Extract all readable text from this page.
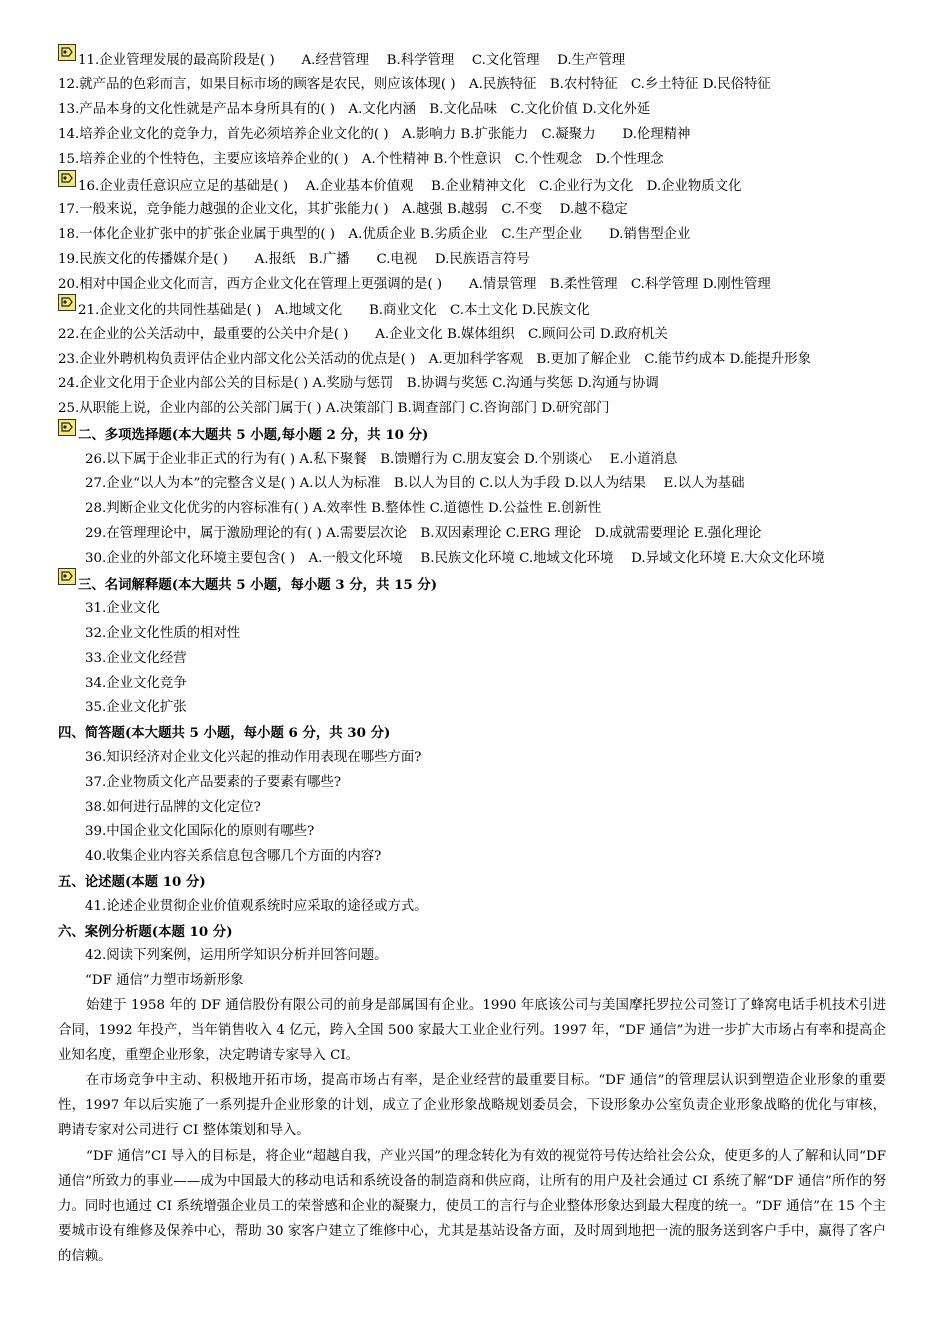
11.企业管理发展的最高阶段是( )　　A.经营管理　 B.科学管理　 C.文化管理　 D.生产管理
12.就产品的色彩而言，如果目标市场的顾客是农民，则应该体现( )　A.民族特征　B.农村特征　C.乡土特征 D.民俗特征
13.产品本身的文化性就是产品本身所具有的( )　A.文化内涵　B.文化品味　C.文化价值 D.文化外延
14.培养企业文化的竞争力，首先必须培养企业文化的( )　A.影响力 B.扩张能力　C.凝聚力　　D.伦理精神
15.培养企业的个性特色，主要应该培养企业的( )　A.个性精神 B.个性意识　C.个性观念　D.个性理念
16.企业责任意识应立足的基础是( )　 A.企业基本价值观　 B.企业精神文化　C.企业行为文化　D.企业物质文化
17.一般来说，竞争能力越强的企业文化，其扩张能力( )　A.越强 B.越弱　C.不变　 D.越不稳定
18.一体化企业扩张中的扩张企业属于典型的( )　A.优质企业 B.劣质企业　C.生产型企业　　D.销售型企业
19.民族文化的传播媒介是( )　　A.报纸　B.广播　　C.电视　 D.民族语言符号
20.相对中国企业文化而言，西方企业文化在管理上更强调的是( )　　A.情景管理　B.柔性管理　C.科学管理 D.刚性管理
21.企业文化的共同性基础是( )　A.地域文化　　B.商业文化　C.本土文化 D.民族文化
22.在企业的公关活动中，最重要的公关中介是( )　　A.企业文化 B.媒体组织　C.顾问公司 D.政府机关
23.企业外聘机构负责评估企业内部文化公关活动的优点是( )　A.更加科学客观　B.更加了解企业　C.能节约成本 D.能提升形象
24.企业文化用于企业内部公关的目标是( ) A.奖励与惩罚　B.协调与奖惩 C.沟通与奖惩 D.沟通与协调
25.从职能上说，企业内部的公关部门属于( ) A.决策部门 B.调查部门 C.咨询部门 D.研究部门
二、多项选择题(本大题共 5 小题,每小题 2 分，共 10 分)
26.以下属于企业非正式的行为有( ) A.私下聚餐　B.馈赠行为 C.朋友宴会 D.个别谈心　 E.小道消息
27.企业“以人为本”的完整含义是( ) A.以人为标准　B.以人为目的 C.以人为手段 D.以人为结果　 E.以人为基础
28.判断企业文化优劣的内容标准有( ) A.效率性 B.整体性 C.道德性 D.公益性 E.创新性
29.在管理理论中，属于激励理论的有( ) A.需要层次论　B.双因素理论 C.ERG 理论　D.成就需要理论 E.强化理论
30.企业的外部文化环境主要包含( )　A.一般文化环境　 B.民族文化环境 C.地域文化环境　 D.异域文化环境 E.大众文化环境
三、名词解释题(本大题共 5 小题，每小题 3 分，共 15 分)
31.企业文化
32.企业文化性质的相对性
33.企业文化经营
34.企业文化竞争
35.企业文化扩张
四、简答题(本大题共 5 小题，每小题 6 分，共 30 分)
36.知识经济对企业文化兴起的推动作用表现在哪些方面?
37.企业物质文化产品要素的子要素有哪些?
38.如何进行品牌的文化定位?
39.中国企业文化国际化的原则有哪些?
40.收集企业内容关系信息包含哪几个方面的内容?
五、论述题(本题 10 分)
41.论述企业贯彻企业价值观系统时应采取的途径或方式。
六、案例分析题(本题 10 分)
42.阅读下列案例，运用所学知识分析并回答问题。
“DF 通信”力塑市场新形象
始建于 1958 年的 DF 通信股份有限公司的前身是部属国有企业。1990 年底该公司与美国摩托罗拉公司签订了蜂窝电话手机技术引进合同，1992 年投产，当年销售收入 4 亿元，跨入全国 500 家最大工业企业行列。1997 年，“DF 通信”为进一步扩大市场占有率和提高企业知名度，重塑企业形象，决定聘请专家导入 CI。
在市场竞争中主动、积极地开拓市场，提高市场占有率，是企业经营的最重要目标。“DF 通信”的管理层认识到塑造企业形象的重要性，1997 年以后实施了一系列提升企业形象的计划，成立了企业形象战略规划委员会，下设形象办公室负责企业形象战略的优化与审核，聘请专家对公司进行 CI 整体策划和导入。
“DF 通信”CI 导入的目标是，将企业“超越自我，产业兴国”的理念转化为有效的视觉符号传达给社会公众，使更多的人了解和认同“DF 通信”所致力的事业——成为中国最大的移动电话和系统设备的制造商和供应商，让所有的用户及社会通过 CI 系统了解“DF 通信”所作的努力。同时也通过 CI 系统增强企业员工的荣誉感和企业的凝聚力，使员工的言行与企业整体形象达到最大程度的统一。“DF 通信”在 15 个主要城市设有维修及保养中心，帮助 30 家客户建立了维修中心，尤其是基站设备方面，及时周到地把一流的服务送到客户手中，赢得了客户的信赖。
